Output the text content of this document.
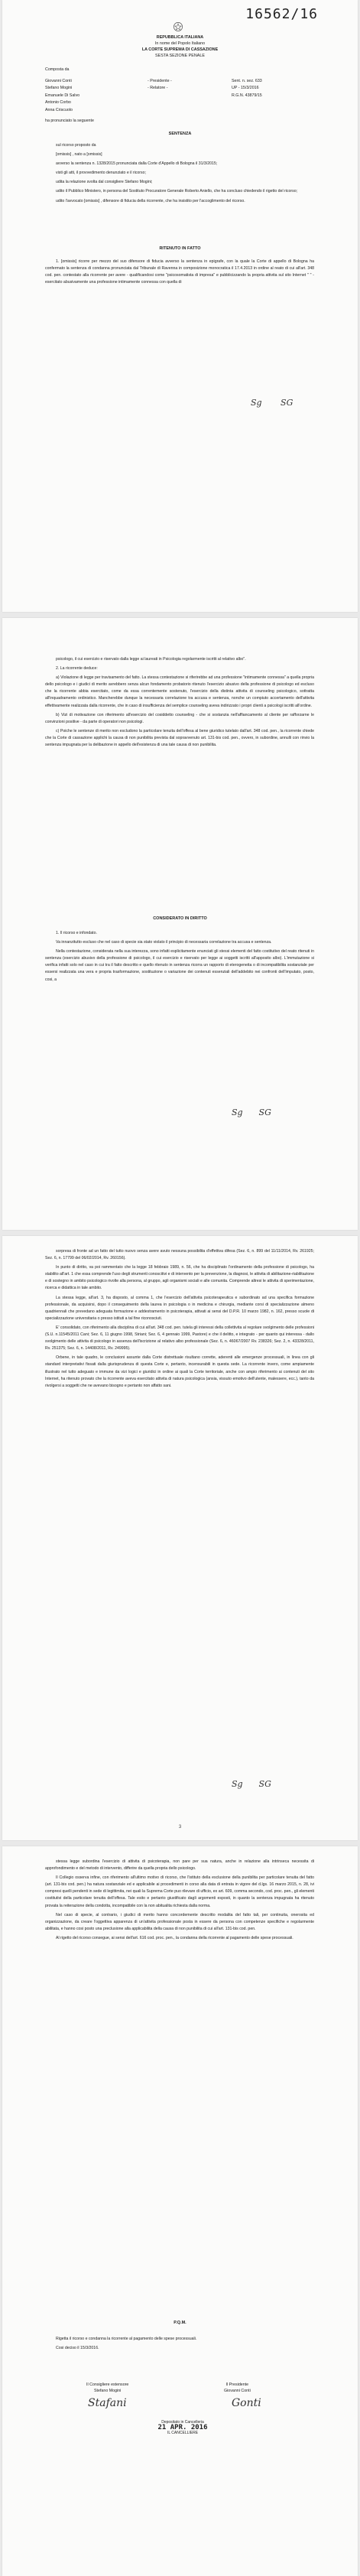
16562/16
REPUBBLICA ITALIANA
In nome del Popolo Italiano
LA CORTE SUPREMA DI CASSAZIONE
SESTA SEZIONE PENALE
Composta da
Giovanni Conti
Stefano Mogini
Emanuele Di Salvo
Antonio Corbo
Anna Criscuolo
- Presidente -
- Relatore -
Sent. n. sez. 633
UP - 15/3/2016
R.G.N. 43879/15
ha pronunciato la seguente
SENTENZA

sul ricorso proposto da

[omissis] , nato a [omissis]

avverso la sentenza n. 1328/2015 pronunciata dalla Corte d'Appello di Bologna il 31/3/2015;

visti gli atti, il provvedimento denunziato e il ricorso;

udita la relazione svolta dal consigliere Stefano Mogini;

udito il Pubblico Ministero, in persona del Sostituto Procuratore Generale Roberto Aniello, che ha concluso chiedendo il rigetto del ricorso;

udito l'avvocato [omissis] , difensore di fiducia della ricorrente, che ha insistito per l'accoglimento del ricorso.

RITENUTO IN FATTO

1. [omissis] ricorre per mezzo del suo difensore di fiducia avverso la sentenza in epigrafe, con la quale la Corte di appello di Bologna ha confermato la sentenza di condanna pronunciata dal Tribunale di Ravenna in composizione monocratica il 17.4.2013 in ordine al reato di cui all'art. 348 cod. pen. contestato alla ricorrente per avere - qualificandosi come "psicosomatista di impresa" e pubblicizzando la propria attivita sul sito Internet " " - esercitato abusivamente una professione intimamente connessa con quella di

Sg       SG

psicologo, il cui esercizio e riservato dalla legge ai laureati in Psicologia regolarmente iscritti al relativo albo".

2. La ricorrente deduce:

a) Violazione di legge per travisamento del fatto. La stessa contestazione si riferirebbe ad una professione "intimamente connessa" a quella propria dello psicologo e i giudici di merito avrebbero senza alcun fondamento probatorio ritenuto l'esercizio abusivo della professione di psicologo ed escluso che la ricorrente abbia esercitato, come da essa correntemente sostenuto, l'esercizio della distinta attivita di counseling psicologico, sottratta all'inquadramento ordinistico. Mancherebbe dunque la necessaria correlazione tra accusa e sentenza, nonche un compiuto accertamento dell'attivita effettivamente realizzata dalla ricorrente, che in caso di insufficienza del semplice counseling aveva indirizzato i propri clienti a psicologi iscritti all'ordine.

b) Vizi di motivazione con riferimento all'esercizio del cosiddetto counseling - che si sostanzia nell'affiancamento al cliente per rafforzarne le convinzioni positive - da parte di operatori non psicologi.

c) Poiche le sentenze di merito non escludono la particolare tenuita dell'offesa al bene giuridico tutelato dall'art. 348 cod. pen., la ricorrente chiede che la Corte di cassazione applichi la causa di non punibilita prevista dal sopravvenuto art. 131-bis cod. pen., ovvero, in subordine, annulli con rinvio la sentenza impugnata per la delibazione in appello dell'esistenza di una tale causa di non punibilita.

CONSIDERATO IN DIRITTO

1. Il ricorso e infondato.

Va innanzitutto escluso che nel caso di specie sia stato violato il principio di necessaria correlazione tra accusa e sentenza.

Nella contestazione, considerata nella sua interezza, sono infatti esplicitamente enunciati gli stessi elementi del fatto costitutivo del reato ritenuti in sentenza (esercizio abusivo della professione di psicologo, il cui esercizio e riservato per legge ai soggetti iscritti all'apposito albo). L'immutazione si verifica infatti solo nel caso in cui tra il fatto descritto e quello ritenuto in sentenza ricorra un rapporto di eterogeneita o di incompatibilita sostanziale per essersi realizzata una vera e propria trasformazione, sostituzione o variazione dei contenuti essenziali dell'addebito nei confronti dell'imputato, posto, cosi, a

Sg      SG

sorpresa di fronte ad un fatto del tutto nuovo senza avere avuto nessuna possibilita d'effettiva difesa (Sez. 6, n. 899 del 11/11/2014, Rv. 261925; Sez. 6, n. 17799 del 06/02/2014, Rv. 260156).

In punto di diritto, va poi rammentato che la legge 18 febbraio 1989, n. 56, che ha disciplinato l'ordinamento della professione di psicologo, ha stabilito all'art. 1 che essa comprende l'uso degli strumenti conoscitivi e di intervento per la prevenzione, la diagnosi, le attivita di abilitazione-riabilitazione e di sostegno in ambito psicologico rivolte alla persona, al gruppo, agli organismi sociali e alle comunita. Comprende altresi le attivita di sperimentazione, ricerca e didattica in tale ambito.

La stessa legge, all'art. 3, ha disposto, al comma 1, che l'esercizio dell'attivita psicoterapeutica e subordinato ad una specifica formazione professionale, da acquisirsi, dopo il conseguimento della laurea in psicologia o in medicina e chirurgia, mediante corsi di specializzazione almeno quadriennali che prevedano adeguata formazione e addestramento in psicoterapia, attivati ai sensi del D.P.R. 10 marzo 1982, n. 162, presso scuole di specializzazione universitaria o presso istituti a tal fine riconosciuti.

E' consolidato, con riferimento alla disciplina di cui all'art. 348 cod. pen. tutela gli interessi della collettivita al regolare svolgimento delle professioni (S.U. n.11545/2011 Cani; Sez. 6, 11 giugno 1998, Striani; Sez. 6, 4 gennaio 1999, Pastore) e che il delitto, e integrato - per quanto qui interessa - dallo svolgimento delle attivita di psicologo in assenza dell'iscrizione al relativo albo professionale (Sez. 6, n. 46067/2007 Rv. 238326; Sez. 2, n. 43328/2011, Rv. 251375; Sez. 6, n. 14408/2011, Rv. 249995).

Orbene, in tale quadro, le conclusioni assunte dalla Corte distrettuale risultano corrette, aderenti alle emergenze processuali, in linea con gli standard interpretativi fissati dalla giurisprudenza di questa Corte e, pertanto, incensurabili in questa sede. La ricorrente invero, come ampiamente illustrato nel tutto adeguato e immune da vizi logici e giuridici in ordine ai quali la Corte territoriale, anche con ampio riferimento ai contenuti del sito Internet, ha ritenuto provato che la ricorrente aveva esercitato attivita di natura psicologica (ansia, vissuto emotivo dell'utente, malessere, ecc.), tanto da rivolgersi a soggetti che ne avevano bisogno e pertanto non affatto sani.

Sg      SG
3

stessa legge subordina l'esercizio di attivita di psicoterapia, non pare per sua natura, anche in relazione alla intrinseca necessita di approfondimento e del metodo di intervento, differire da quella propria dello psicologo.

Il Collegio osserva infine, con riferimento all'ultimo motivo di ricorso, che l'istituto della esclusione della punibilita per particolare tenuita del fatto (art. 131-bis cod. pen.) ha natura sostanziale ed e applicabile ai procedimenti in corso alla data di entrata in vigore del d.lgs. 16 marzo 2015, n. 28, ivi compresi quelli pendenti in sede di legittimita, nei quali la Suprema Corte puo rilevare di ufficio, ex art. 609, comma secondo, cod. proc. pen., gli elementi costitutivi della particolare tenuita dell'offesa. Tale esito e pertanto giustificato dagli argomenti esposti, in quanto la sentenza impugnata ha ritenuto provata la reiterazione della condotta, incompatibile con la non abitualita richiesta dalla norma.

Nel caso di specie, al contrario, i giudici di merito hanno concordemente descritto modalita del fatto tali, per continuita, onerosita ed organizzazione, da creare l'oggettiva apparenza di un'attivita professionale posta in essere da persona con competenze specifiche e regolarmente abilitata, e hanno cosi posto una preclusione alla applicabilita della causa di non punibilita di cui all'art. 131-bis cod. pen.

Al rigetto del ricorso consegue, ai sensi dell'art. 616 cod. proc. pen., la condanna della ricorrente al pagamento delle spese processuali.

P.Q.M.

Rigetta il ricorso e condanna la ricorrente al pagamento delle spese processuali.

Cosi deciso il 15/3/2016.

Il Consigliere estensore
Stefano Mogini
Il Presidente
Giovanni Conti
Stafani	Gonti
Depositato in Cancelleria
21 APR. 2016
IL CANCELLIERE
